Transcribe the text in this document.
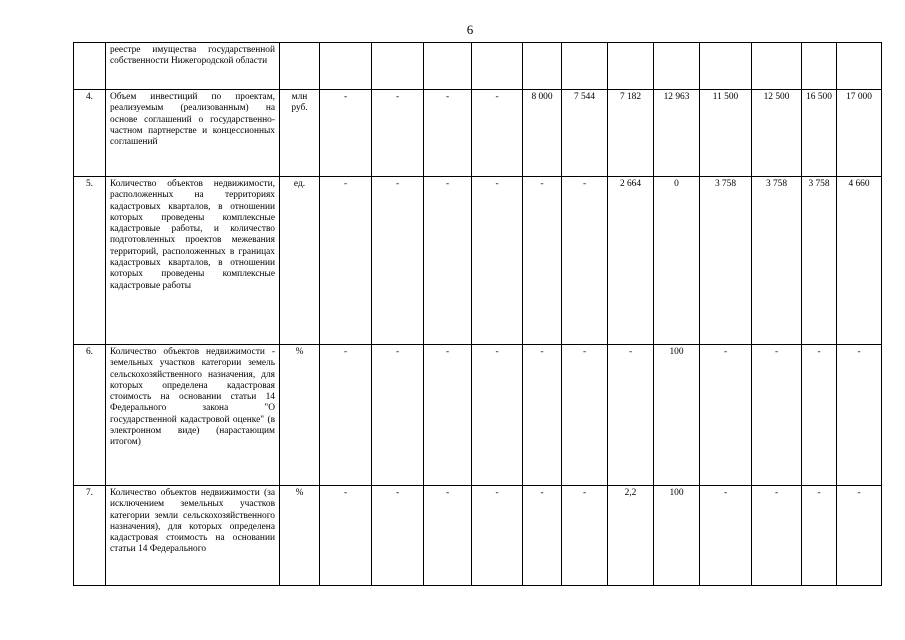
6
	реестре имущества государственной собственности Нижегородской области													
4.	Объем инвестиций по проектам, реализуемым (реализованным) на основе соглашений о государственно-частном партнерстве и концессионных соглашений	млн руб.	-	-	-	-	8 000	7 544	7 182	12 963	11 500	12 500	16 500	17 000
5.	Количество объектов недвижимости, расположенных на территориях кадастровых кварталов, в отношении которых проведены комплексные кадастровые работы, и количество подготовленных проектов межевания территорий, расположенных в границах кадастровых кварталов, в отношении которых проведены комплексные кадастровые работы	ед.	-	-	-	-	-	-	2 664	0	3 758	3 758	3 758	4 660
6.	Количество объектов недвижимости - земельных участков категории земель сельскохозяйственного назначения, для которых определена кадастровая стоимость на основании статьи 14 Федерального закона "О государственной кадастровой оценке" (в электронном виде) (нарастающим итогом)	%	-	-	-	-	-	-	-	100	-	-	-	-
7.	Количество объектов недвижимости (за исключением земельных участков категории земли сельскохозяйственного назначения), для которых определена кадастровая стоимость на основании статьи 14 Федерального	%	-	-	-	-	-	-	2,2	100	-	-	-	-
